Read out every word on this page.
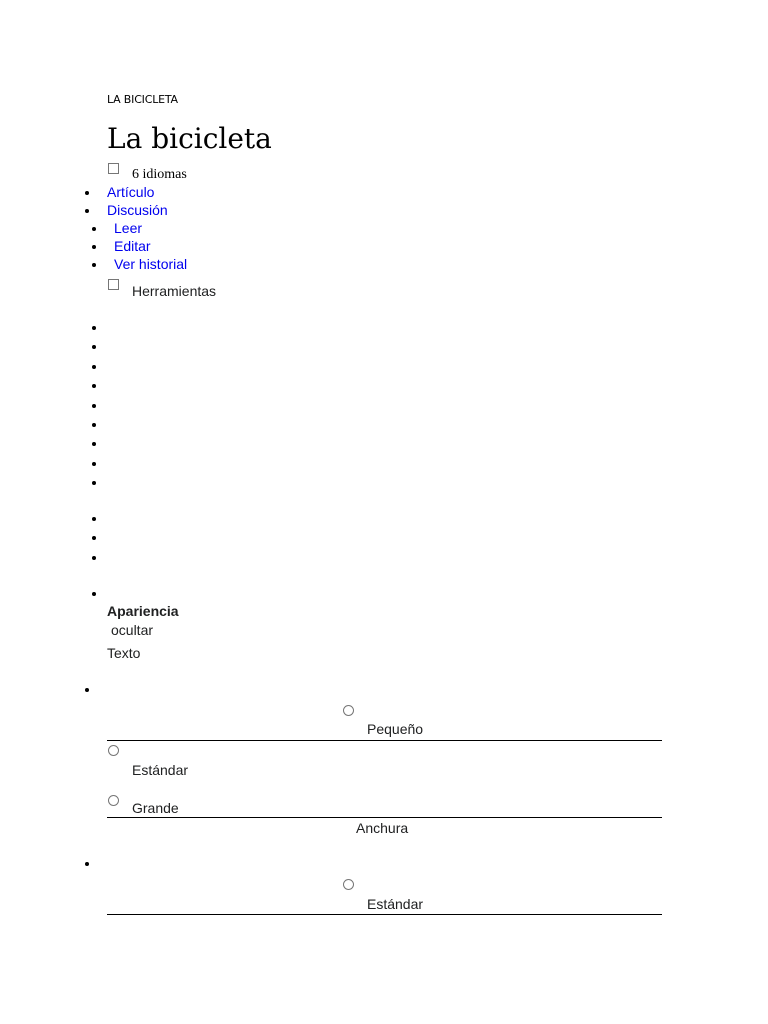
LA BICICLETA
La bicicleta
6 idiomas
Artículo
Discusión
Leer
Editar
Ver historial
Herramientas
Apariencia
ocultar
Texto
Pequeño
Estándar
Grande
Anchura
Estándar
